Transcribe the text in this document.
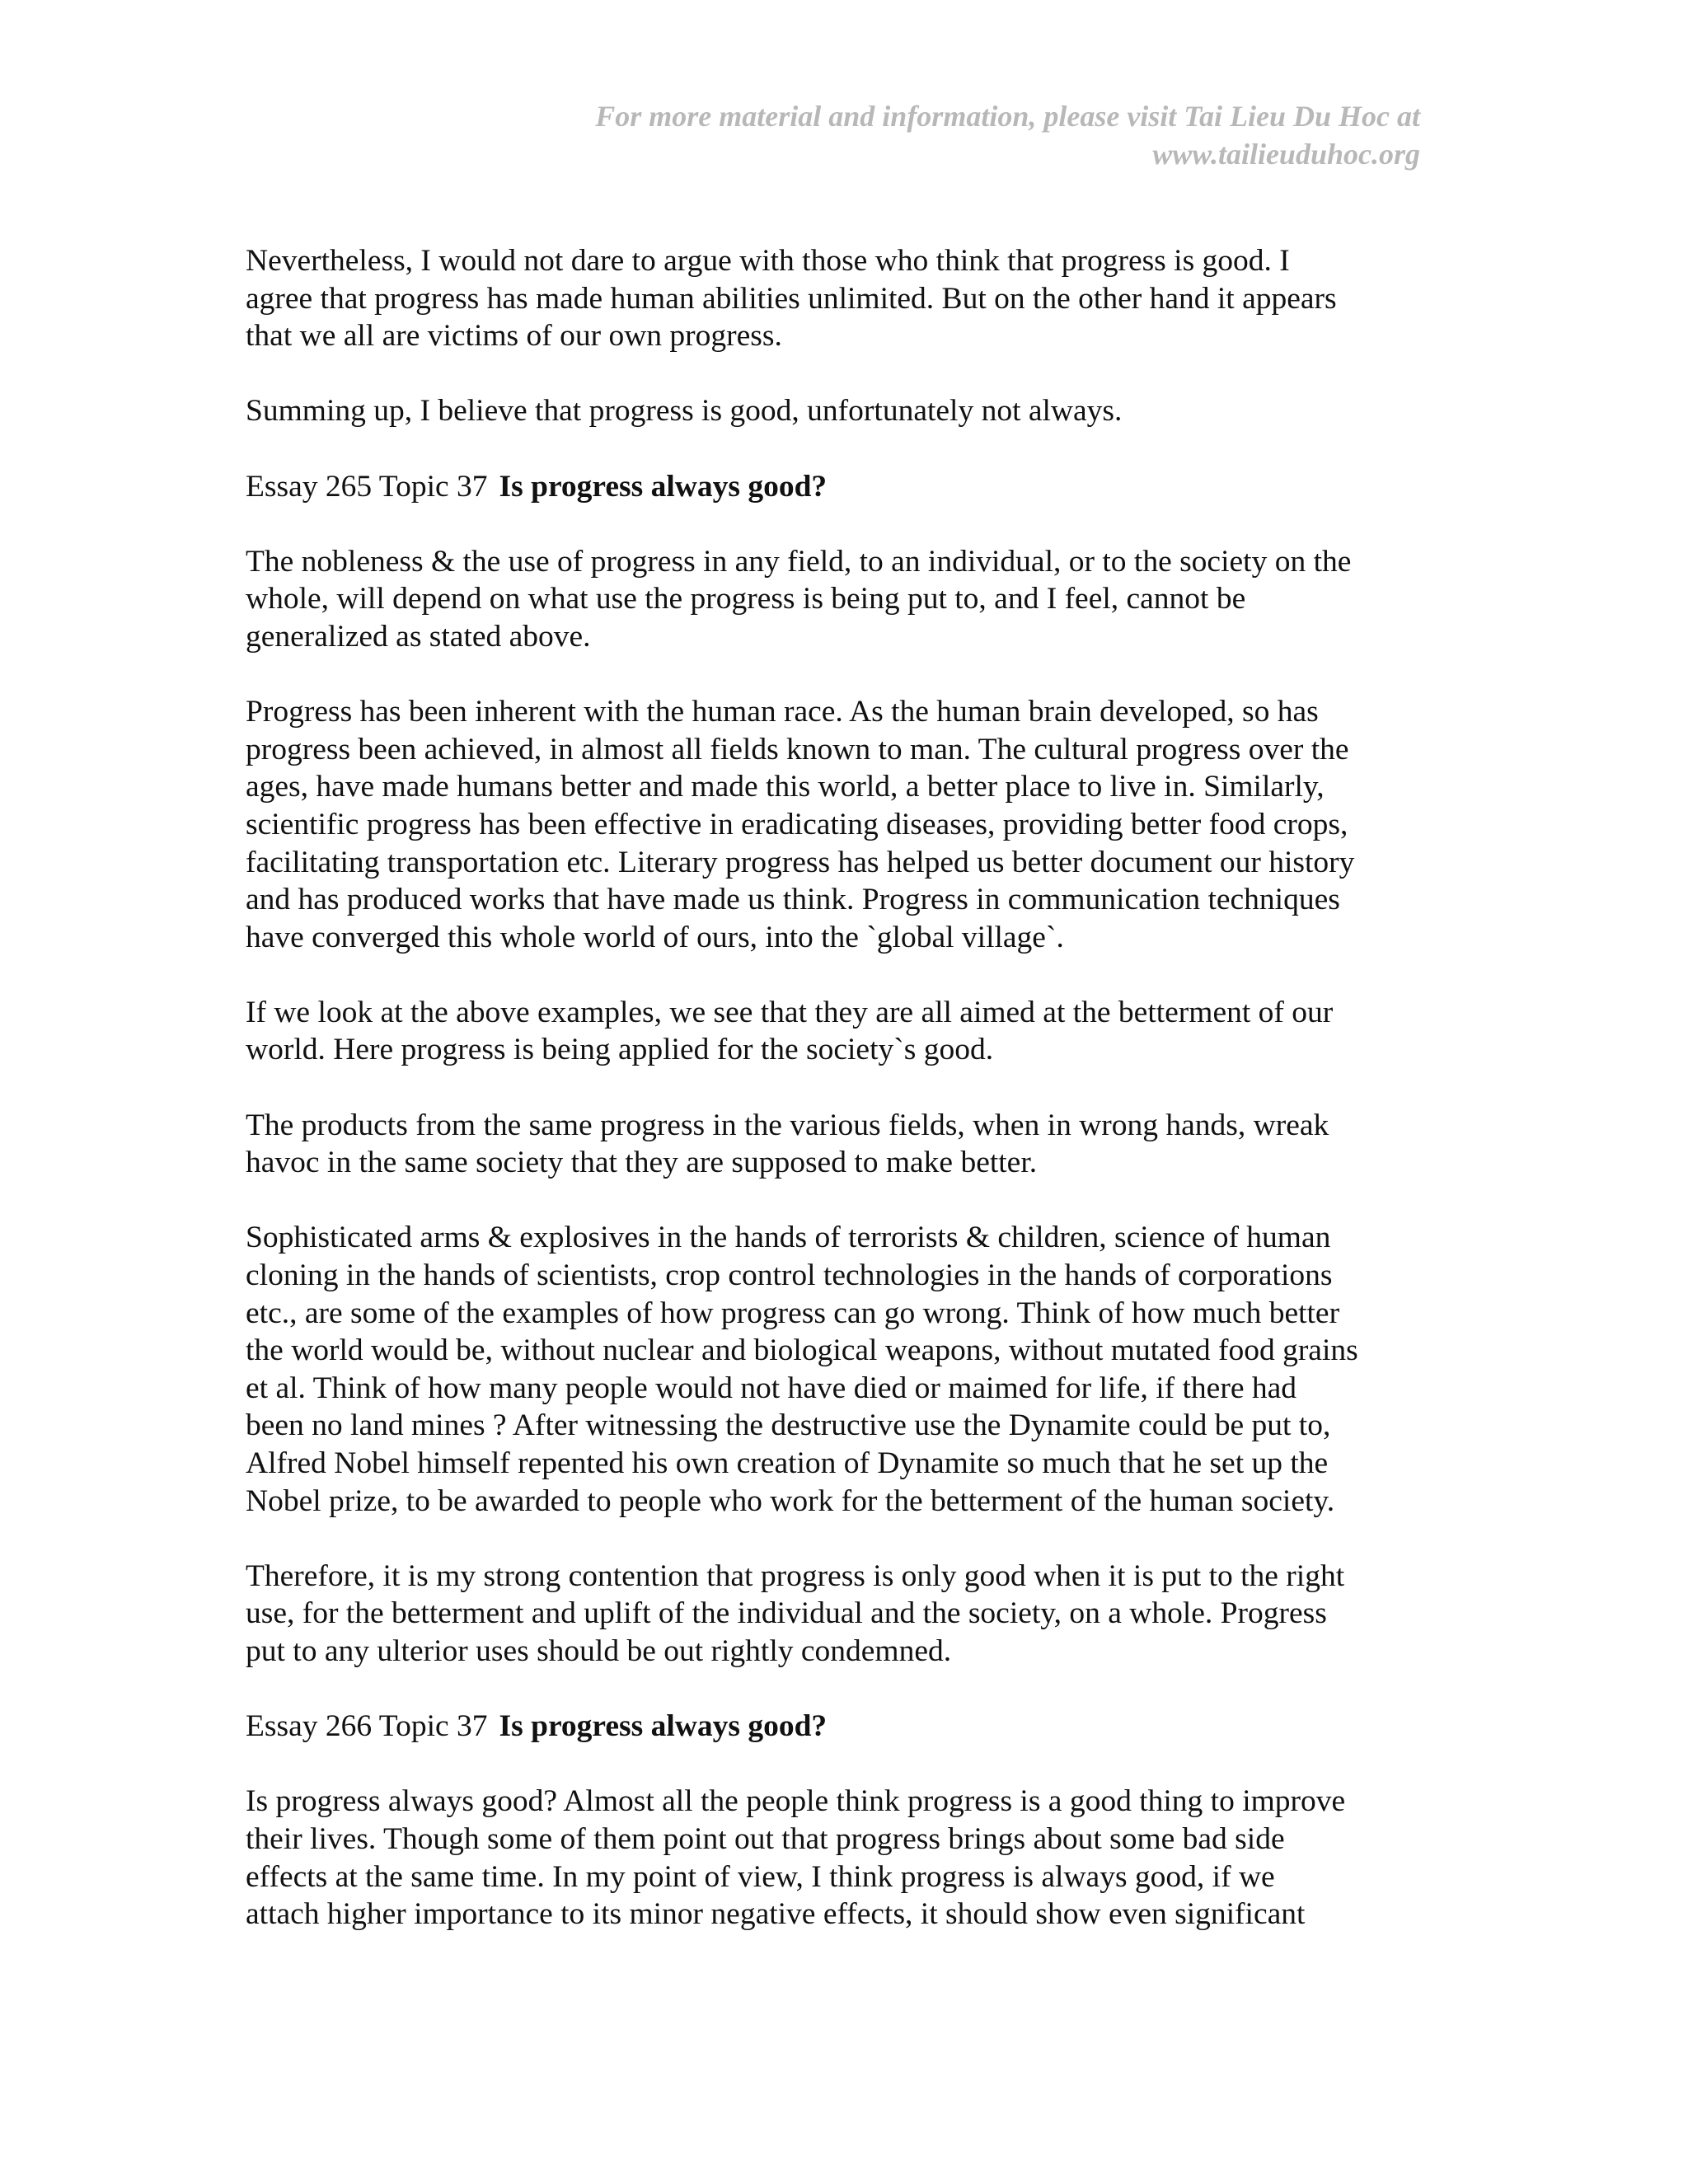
For more material and information, please visit Tai Lieu Du Hoc at
www.tailieuduhoc.org
Nevertheless, I would not dare to argue with those who think that progress is good. I
agree that progress has made human abilities unlimited. But on the other hand it appears
that we all are victims of our own progress.
Summing up, I believe that progress is good, unfortunately not always.
Essay 265 Topic 37 Is progress always good?
The nobleness & the use of progress in any field, to an individual, or to the society on the
whole, will depend on what use the progress is being put to, and I feel, cannot be
generalized as stated above.
Progress has been inherent with the human race. As the human brain developed, so has
progress been achieved, in almost all fields known to man. The cultural progress over the
ages, have made humans better and made this world, a better place to live in. Similarly,
scientific progress has been effective in eradicating diseases, providing better food crops,
facilitating transportation etc. Literary progress has helped us better document our history
and has produced works that have made us think. Progress in communication techniques
have converged this whole world of ours, into the `global village`.
If we look at the above examples, we see that they are all aimed at the betterment of our
world. Here progress is being applied for the society`s good.
The products from the same progress in the various fields, when in wrong hands, wreak
havoc in the same society that they are supposed to make better.
Sophisticated arms & explosives in the hands of terrorists & children, science of human
cloning in the hands of scientists, crop control technologies in the hands of corporations
etc., are some of the examples of how progress can go wrong. Think of how much better
the world would be, without nuclear and biological weapons, without mutated food grains
et al. Think of how many people would not have died or maimed for life, if there had
been no land mines ? After witnessing the destructive use the Dynamite could be put to,
Alfred Nobel himself repented his own creation of Dynamite so much that he set up the
Nobel prize, to be awarded to people who work for the betterment of the human society.
Therefore, it is my strong contention that progress is only good when it is put to the right
use, for the betterment and uplift of the individual and the society, on a whole. Progress
put to any ulterior uses should be out rightly condemned.
Essay 266 Topic 37 Is progress always good?
Is progress always good? Almost all the people think progress is a good thing to improve
their lives. Though some of them point out that progress brings about some bad side
effects at the same time. In my point of view, I think progress is always good, if we
attach higher importance to its minor negative effects, it should show even significant
